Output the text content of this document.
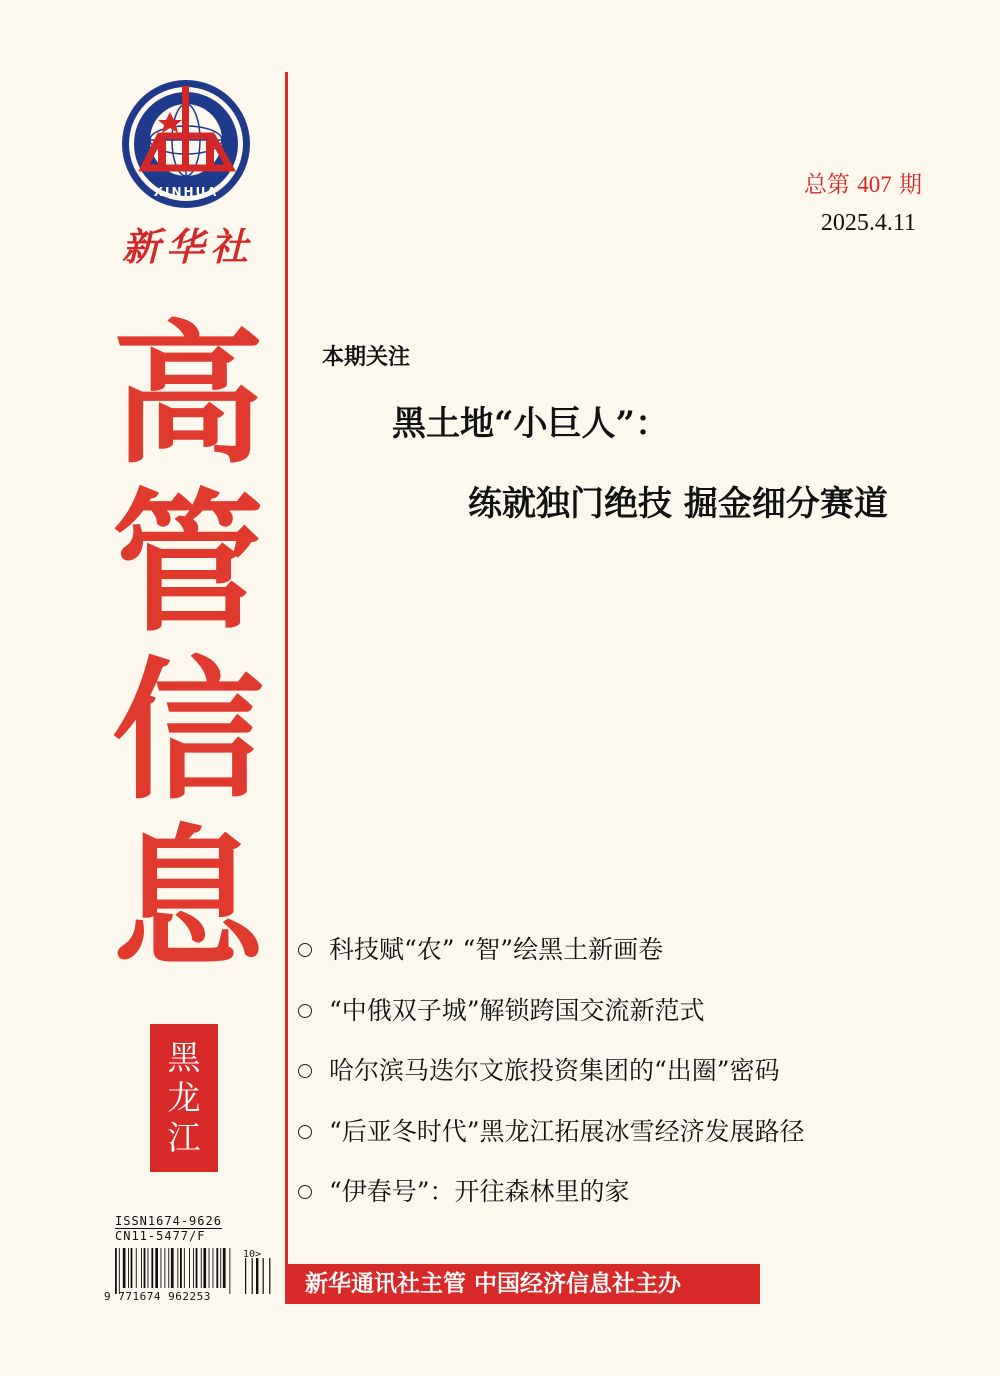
XINHUA
新华社
高
管
信
息
黑
龙
江
总第 407 期
2025.4.11
本期关注
黑土地“小巨人”：
练就独门绝技 掘金细分赛道
科技赋“农” “智”绘黑土新画卷
“中俄双子城”解锁跨国交流新范式
哈尔滨马迭尔文旅投资集团的“出圈”密码
“后亚冬时代”黑龙江拓展冰雪经济发展路径
“伊春号”：开往森林里的家
ISSN1674-9626
CN11-5477/F
10>
9 771674 962253	新华通讯社主管 中国经济信息社主办
